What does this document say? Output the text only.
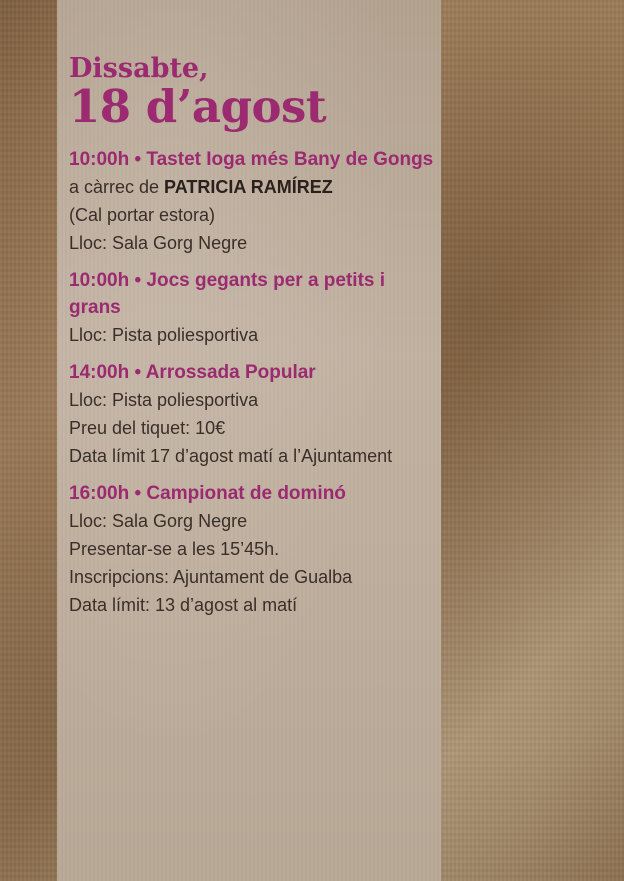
Dissabte,
18 d’agost
10:00h • Tastet Ioga més Bany de Gongs
a càrrec de PATRICIA RAMÍREZ
(Cal portar estora)
Lloc: Sala Gorg Negre
10:00h • Jocs gegants per a petits i grans
Lloc: Pista poliesportiva
14:00h • Arrossada Popular
Lloc: Pista poliesportiva
Preu del tiquet: 10€
Data límit 17 d’agost matí a l’Ajuntament
16:00h • Campionat de dominó
Lloc: Sala Gorg Negre
Presentar-se a les 15’45h.
Inscripcions: Ajuntament de Gualba
Data límit: 13 d’agost al matí
